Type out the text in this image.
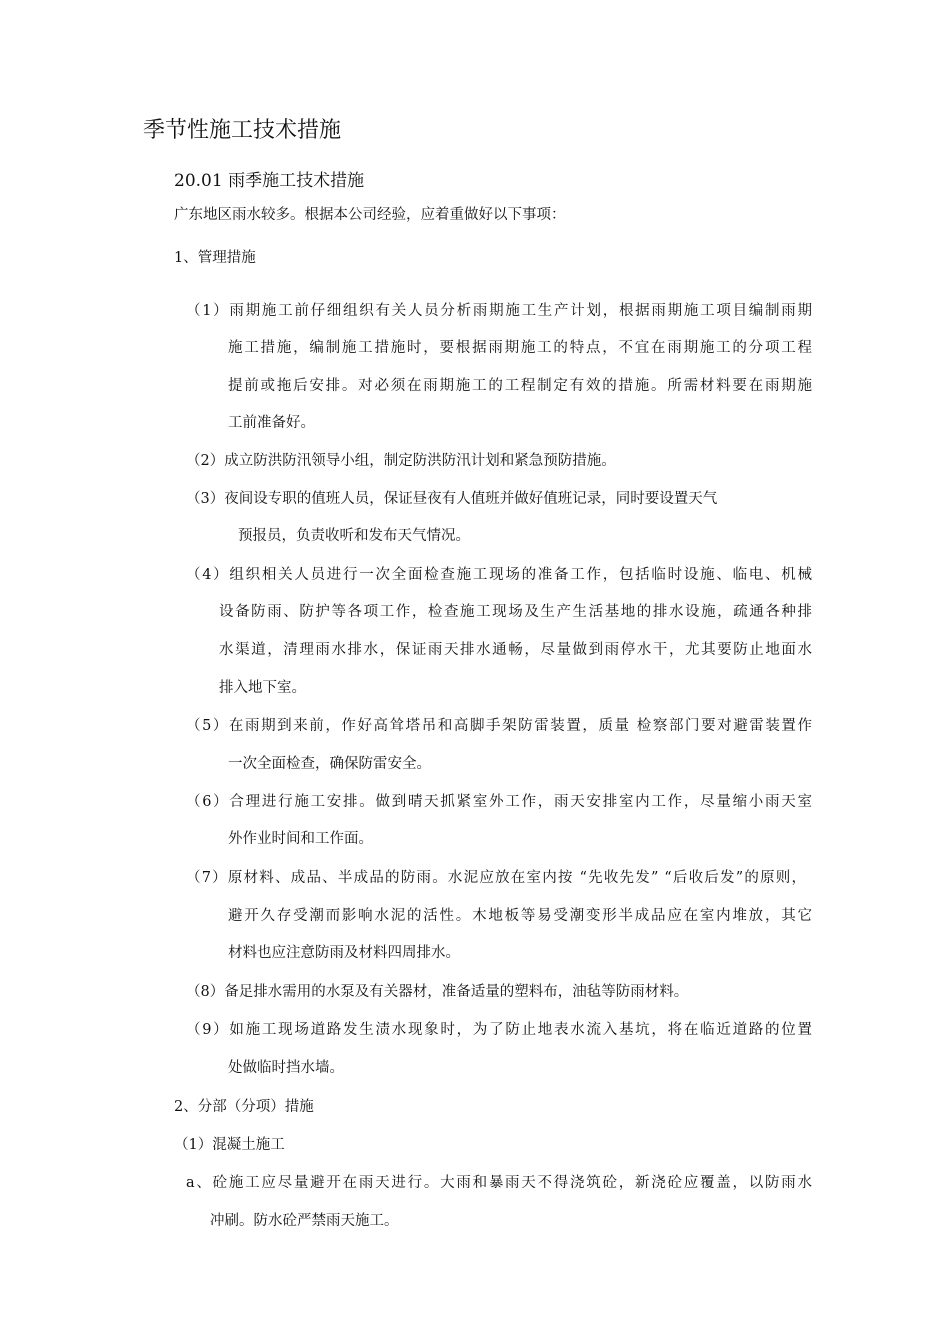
季节性施工技术措施
20.01 雨季施工技术措施
广东地区雨水较多。根据本公司经验，应着重做好以下事项：
1、管理措施
（1）雨期施工前仔细组织有关人员分析雨期施工生产计划，根据雨期施工项目编制雨期
施工措施，编制施工措施时，要根据雨期施工的特点，不宜在雨期施工的分项工程
提前或拖后安排。对必须在雨期施工的工程制定有效的措施。所需材料要在雨期施
工前准备好。
（2）成立防洪防汛领导小组，制定防洪防汛计划和紧急预防措施。
（3）夜间设专职的值班人员，保证昼夜有人值班并做好值班记录，同时要设置天气
预报员，负责收听和发布天气情况。
（4）组织相关人员进行一次全面检查施工现场的准备工作，包括临时设施、临电、机械
设备防雨、防护等各项工作，检查施工现场及生产生活基地的排水设施，疏通各种排
水渠道，清理雨水排水，保证雨天排水通畅，尽量做到雨停水干，尤其要防止地面水
排入地下室。
（5）在雨期到来前，作好高耸塔吊和高脚手架防雷装置，质量 检察部门要对避雷装置作
一次全面检查，确保防雷安全。
（6）合理进行施工安排。做到晴天抓紧室外工作，雨天安排室内工作，尽量缩小雨天室
外作业时间和工作面。
（7）原材料、成品、半成品的防雨。水泥应放在室内按 “先收先发” “后收后发”的原则，
避开久存受潮而影响水泥的活性。木地板等易受潮变形半成品应在室内堆放，其它
材料也应注意防雨及材料四周排水。
（8）备足排水需用的水泵及有关器材，准备适量的塑料布，油毡等防雨材料。
（9）如施工现场道路发生渍水现象时，为了防止地表水流入基坑，将在临近道路的位置
处做临时挡水墙。
2、分部（分项）措施
（1）混凝土施工
a、砼施工应尽量避开在雨天进行。大雨和暴雨天不得浇筑砼，新浇砼应覆盖，以防雨水
冲刷。防水砼严禁雨天施工。
